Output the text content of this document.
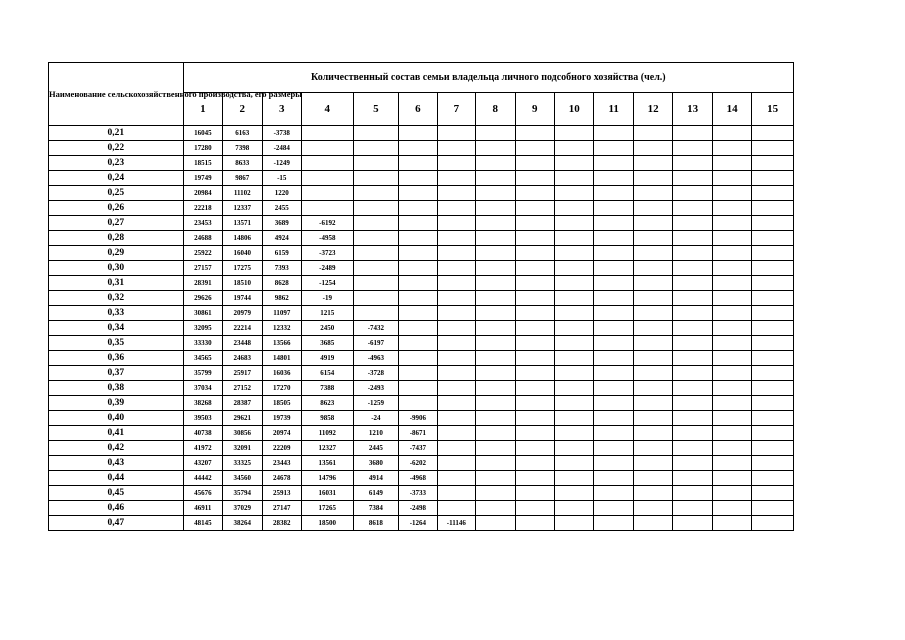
Наименование сельскохозяйственного производства, его размеры	Количественный состав семьи владельца личного подсобного хозяйства (чел.)														
	1	2	3	4	5	6	7	8	9	10	11	12	13	14	15
0,21	16045	6163	-3738												
0,22	17280	7398	-2484												
0,23	18515	8633	-1249												
0,24	19749	9867	-15												
0,25	20984	11102	1220												
0,26	22218	12337	2455												
0,27	23453	13571	3689	-6192											
0,28	24688	14806	4924	-4958											
0,29	25922	16040	6159	-3723											
0,30	27157	17275	7393	-2489											
0,31	28391	18510	8628	-1254											
0,32	29626	19744	9862	-19											
0,33	30861	20979	11097	1215											
0,34	32095	22214	12332	2450	-7432										
0,35	33330	23448	13566	3685	-6197										
0,36	34565	24683	14801	4919	-4963										
0,37	35799	25917	16036	6154	-3728										
0,38	37034	27152	17270	7388	-2493										
0,39	38268	28387	18505	8623	-1259										
0,40	39503	29621	19739	9858	-24	-9906									
0,41	40738	30856	20974	11092	1210	-8671									
0,42	41972	32091	22209	12327	2445	-7437									
0,43	43207	33325	23443	13561	3680	-6202									
0,44	44442	34560	24678	14796	4914	-4968									
0,45	45676	35794	25913	16031	6149	-3733									
0,46	46911	37029	27147	17265	7384	-2498									
0,47	48145	38264	28382	18500	8618	-1264	-11146								
